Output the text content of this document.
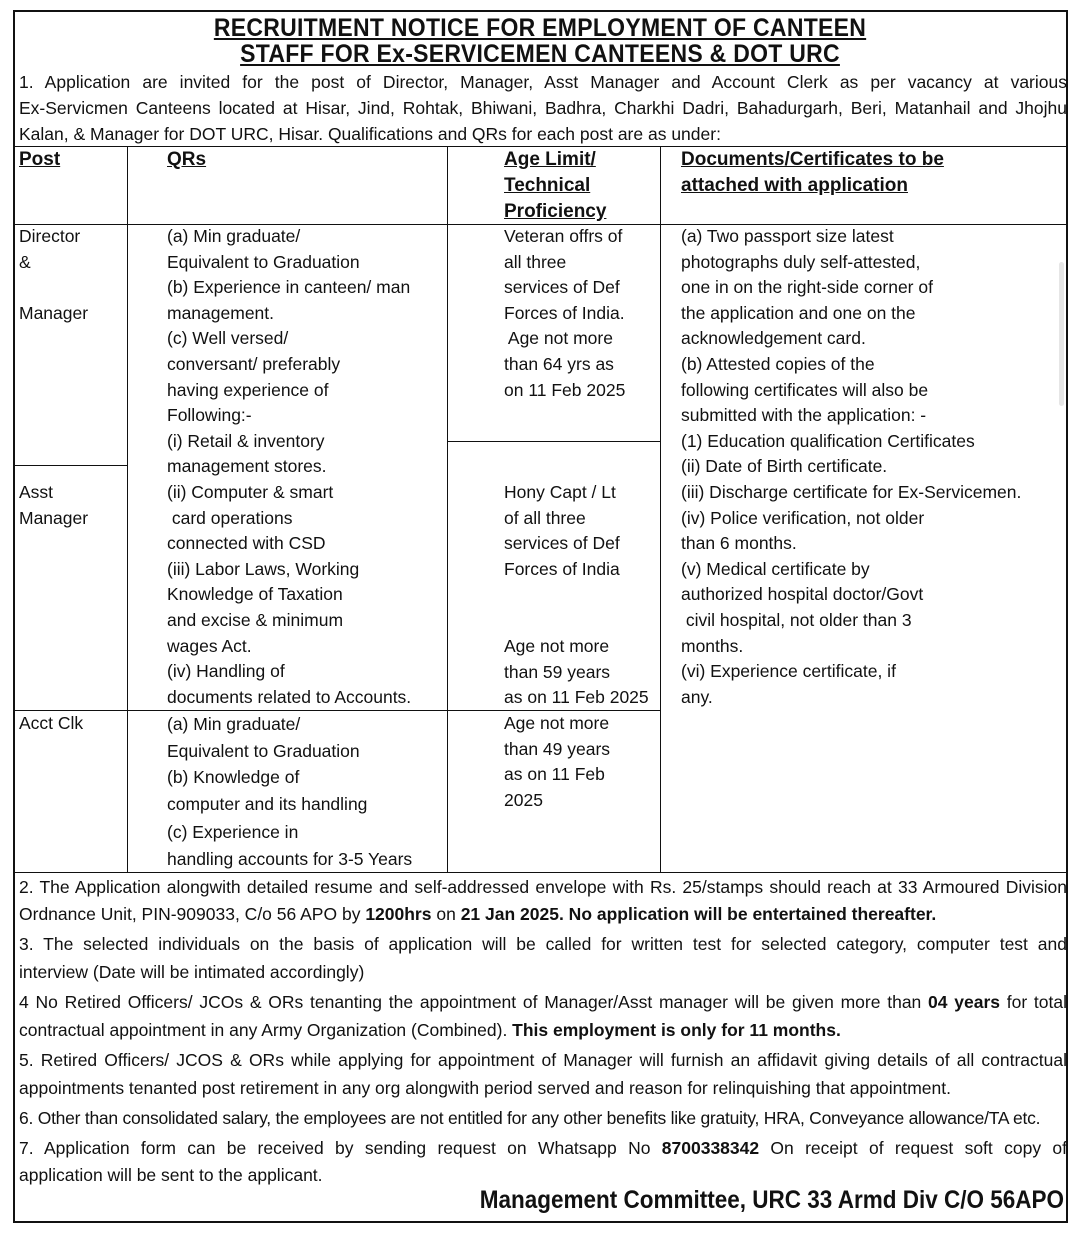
RECRUITMENT NOTICE FOR EMPLOYMENT OF CANTEEN
STAFF FOR Ex-SERVICEMEN CANTEENS & DOT URC
1. Application are invited for the post of Director, Manager, Asst Manager and Account Clerk as per vacancy at various
Ex-Servicmen Canteens located at Hisar, Jind, Rohtak, Bhiwani, Badhra, Charkhi Dadri, Bahadurgarh, Beri, Matanhail and Jhojhu
Kalan, & Manager for DOT URC, Hisar. Qualifications and QRs for each post are as under:
Post	QRs	Age Limit/
Technical
Proficiency
Documents/Certificates to be
attached with application
Director
&

Manager
Asst
Manager
Acct Clk
(a) Min graduate/
Equivalent to Graduation
(b) Experience in canteen/ man
management.
(c) Well versed/
conversant/ preferably
having experience of
Following:-
(i) Retail & inventory
management stores.
(ii) Computer & smart
card operations
connected with CSD
(iii) Labor Laws, Working
Knowledge of Taxation
and excise & minimum
wages Act.
(iv) Handling of
documents related to Accounts.
(a) Min graduate/
Equivalent to Graduation
(b) Knowledge of
computer and its handling
(c) Experience in
handling accounts for 3-5 Years
Veteran offrs of
all three
services of Def
Forces of India.
Age not more
than 64 yrs as
on 11 Feb 2025
Hony Capt / Lt
of all three
services of Def
Forces of India
Age not more
than 59 years
as on 11 Feb 2025
Age not more
than 49 years
as on 11 Feb
2025
(a) Two passport size latest
photographs duly self-attested,
one in on the right-side corner of
the application and one on the
acknowledgement card.
(b) Attested copies of the
following certificates will also be
submitted with the application: -
(1) Education qualification Certificates
(ii) Date of Birth certificate.
(iii) Discharge certificate for Ex-Servicemen.
(iv) Police verification, not older
than 6 months.
(v) Medical certificate by
authorized hospital doctor/Govt
civil hospital, not older than 3
months.
(vi) Experience certificate, if
any.
2. The Application alongwith detailed resume and self-addressed envelope with Rs. 25/stamps should reach at 33 Armoured Division
Ordnance Unit, PIN-909033, C/o 56 APO by 1200hrs on 21 Jan 2025. No application will be entertained thereafter.
3. The selected individuals on the basis of application will be called for written test for selected category, computer test and
interview (Date will be intimated accordingly)
4 No Retired Officers/ JCOs & ORs tenanting the appointment of Manager/Asst manager will be given more than 04 years for total
contractual appointment in any Army Organization (Combined). This employment is only for 11 months.
5. Retired Officers/ JCOS & ORs while applying for appointment of Manager will furnish an affidavit giving details of all contractual
appointments tenanted post retirement in any org alongwith period served and reason for relinquishing that appointment.
6. Other than consolidated salary, the employees are not entitled for any other benefits like gratuity, HRA, Conveyance allowance/TA etc.
7. Application form can be received by sending request on Whatsapp No 8700338342 On receipt of request soft copy of
application will be sent to the applicant.
Management Committee, URC 33 Armd Div C/O 56APO
